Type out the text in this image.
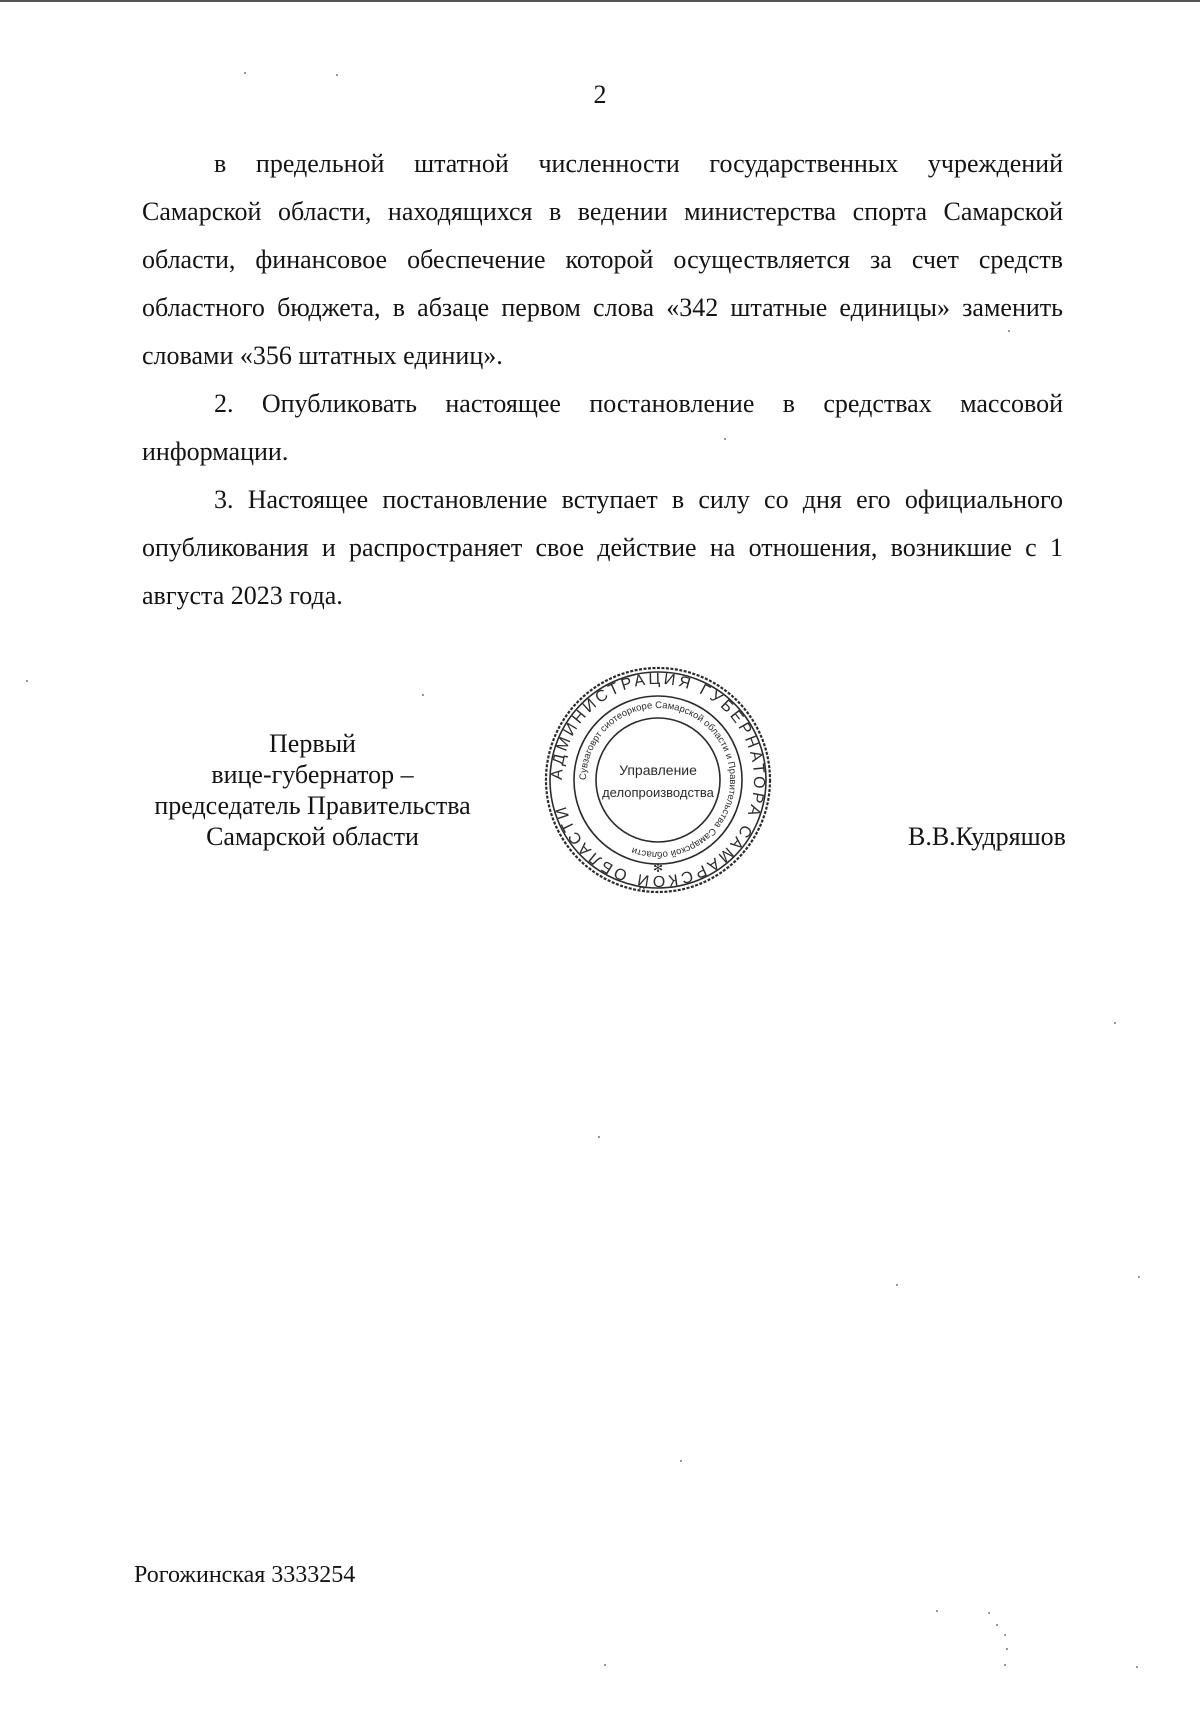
2

в предельной штатной численности государственных учреждений Самарской области, находящихся в ведении министерства спорта Самарской области, финансовое обеспечение которой осуществляется за счет средств областного бюджета, в абзаце первом слова «342 штатные единицы» заменить словами «356 штатных единиц».

2. Опубликовать настоящее постановление в средствах массовой информации.

3. Настоящее постановление вступает в силу со дня его официального опубликования и распространяет свое действие на отношения, возникшие с 1 августа 2023 года.

Первый
вице-губернатор –
председатель Правительства
Самарской области
АДМИНИСТРАЦИЯ ГУБЕРНАТОРА САМАРСКОЙ ОБЛАСТИ
Сувзаговрт сиотеоркоре Самарской области и Правительства Самарской области
Управление
делопроизводства
✻
В.В.Кудряшов
Рогожинская 3333254
